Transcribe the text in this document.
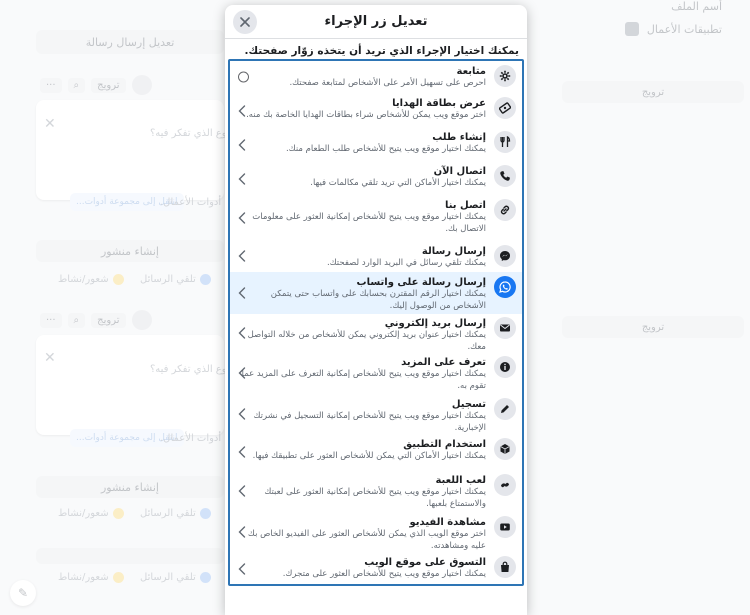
تعديل زر الإجراء
يمكنك اختيار الإجراء الذي تريد أن يتخذه زوّار صفحتك.
متابعة
احرص على تسهيل الأمر على الأشخاص لمتابعة صفحتك.
عرض بطاقة الهدايا
اختر موقع ويب يمكن للأشخاص شراء بطاقات الهدايا الخاصة بك منه.
إنشاء طلب
يمكنك اختيار موقع ويب يتيح للأشخاص طلب الطعام منك.
اتصال الآن
يمكنك اختيار الأماكن التي تريد تلقي مكالمات فيها.
اتصل بنا
يمكنك اختيار موقع ويب يتيح للأشخاص إمكانية العثور على معلومات الاتصال بك.
إرسال رسالة
يمكنك تلقي رسائل في البريد الوارد لصفحتك.
إرسال رسالة على واتساب
يمكنك اختيار الرقم المقترن بحسابك على واتساب حتى يتمكن الأشخاص من الوصول إليك.
إرسال بريد إلكتروني
يمكنك اختيار عنوان بريد إلكتروني يمكن للأشخاص من خلاله التواصل معك.
تعرف على المزيد
يمكنك اختيار موقع ويب يتيح للأشخاص إمكانية التعرف على المزيد عما تقوم به.
تسجيل
يمكنك اختيار موقع ويب يتيح للأشخاص إمكانية التسجيل في نشرتك الإخبارية.
استخدام التطبيق
يمكنك اختيار الأماكن التي يمكن للأشخاص العثور على تطبيقك فيها.
لعب اللعبة
يمكنك اختيار موقع ويب يتيح للأشخاص إمكانية العثور على لعبتك والاستمتاع بلعبها.
مشاهدة الفيديو
اختر موقع الويب الذي يمكن للأشخاص العثور على الفيديو الخاص بك عليه ومشاهدته.
التسوق على موقع الويب
يمكنك اختيار موقع ويب يتيح للأشخاص العثور على متجرك.
